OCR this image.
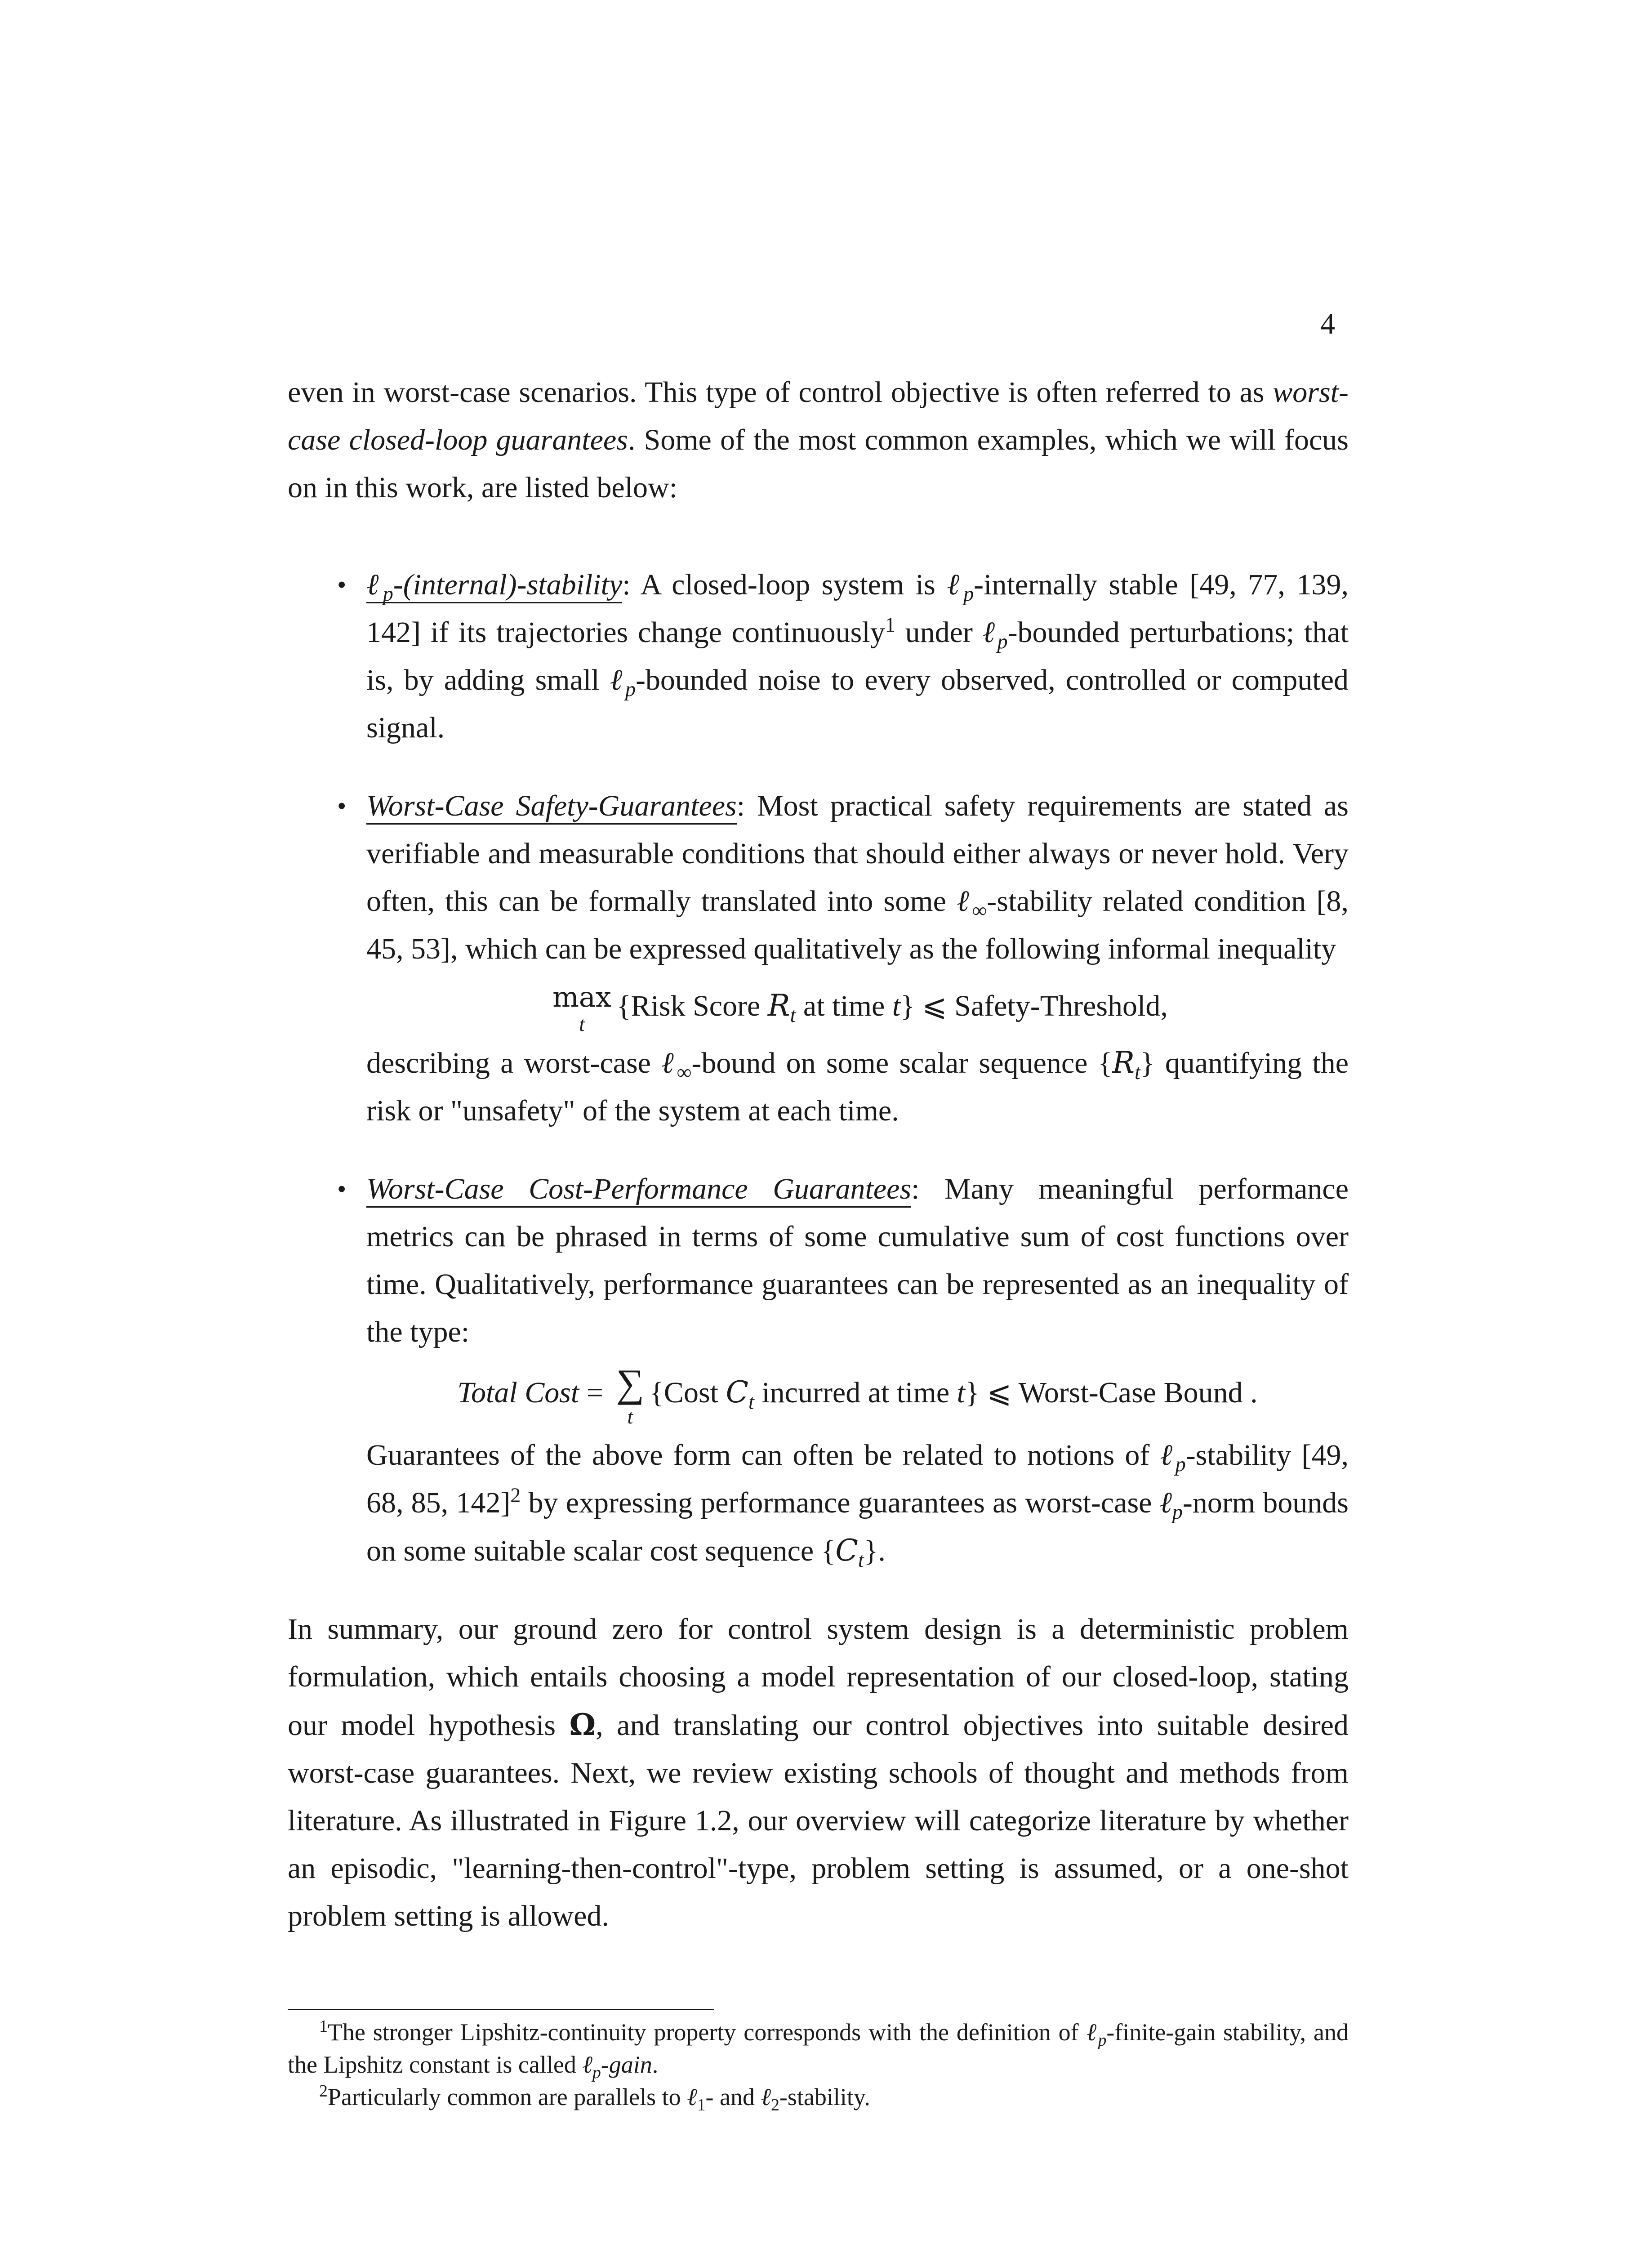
4

even in worst-case scenarios. This type of control objective is often referred to as worst-case closed-loop guarantees. Some of the most common examples, which we will focus on in this work, are listed below:

• ℓ$_p$-(internal)-stability: A closed-loop system is ℓ$_p$-internally stable [49, 77, 139, 142] if its trajectories change continuously$^1$ under ℓ$_p$-bounded perturbations; that is, by adding small ℓ$_p$-bounded noise to every observed, controlled or computed signal.
• Worst-Case Safety-Guarantees: Most practical safety requirements are stated as verifiable and measurable conditions that should either always or never hold. Very often, this can be formally translated into some ℓ$_\infty$-stability related condition [8, 45, 53], which can be expressed qualitatively as the following informal inequality
max
t
{Risk Score $R_t$ at time t} ⩽ Safety-Threshold,
describing a worst-case ℓ$_\infty$-bound on some scalar sequence $\{R_t\}$ quantifying the risk or "unsafety" of the system at each time.
• Worst-Case Cost-Performance Guarantees: Many meaningful performance metrics can be phrased in terms of some cumulative sum of cost functions over time. Qualitatively, performance guarantees can be represented as an inequality of the type:
Total Cost = ∑
t
{Cost $C_t$ incurred at time t} ⩽ Worst-Case Bound .
Guarantees of the above form can often be related to notions of ℓ$_p$-stability [49, 68, 85, 142]$^2$ by expressing performance guarantees as worst-case ℓ$_p$-norm bounds on some suitable scalar cost sequence $\{C_t\}$.

In summary, our ground zero for control system design is a deterministic problem formulation, which entails choosing a model representation of our closed-loop, stating our model hypothesis Ω, and translating our control objectives into suitable desired worst-case guarantees. Next, we review existing schools of thought and methods from literature. As illustrated in Figure 1.2, our overview will categorize literature by whether an episodic, "learning-then-control"-type, problem setting is assumed, or a one-shot problem setting is allowed.

$^1$The stronger Lipshitz-continuity property corresponds with the definition of ℓ$_p$-finite-gain stability, and the Lipshitz constant is called ℓ$_p$-gain.

$^2$Particularly common are parallels to ℓ$_1$- and ℓ$_2$-stability.
